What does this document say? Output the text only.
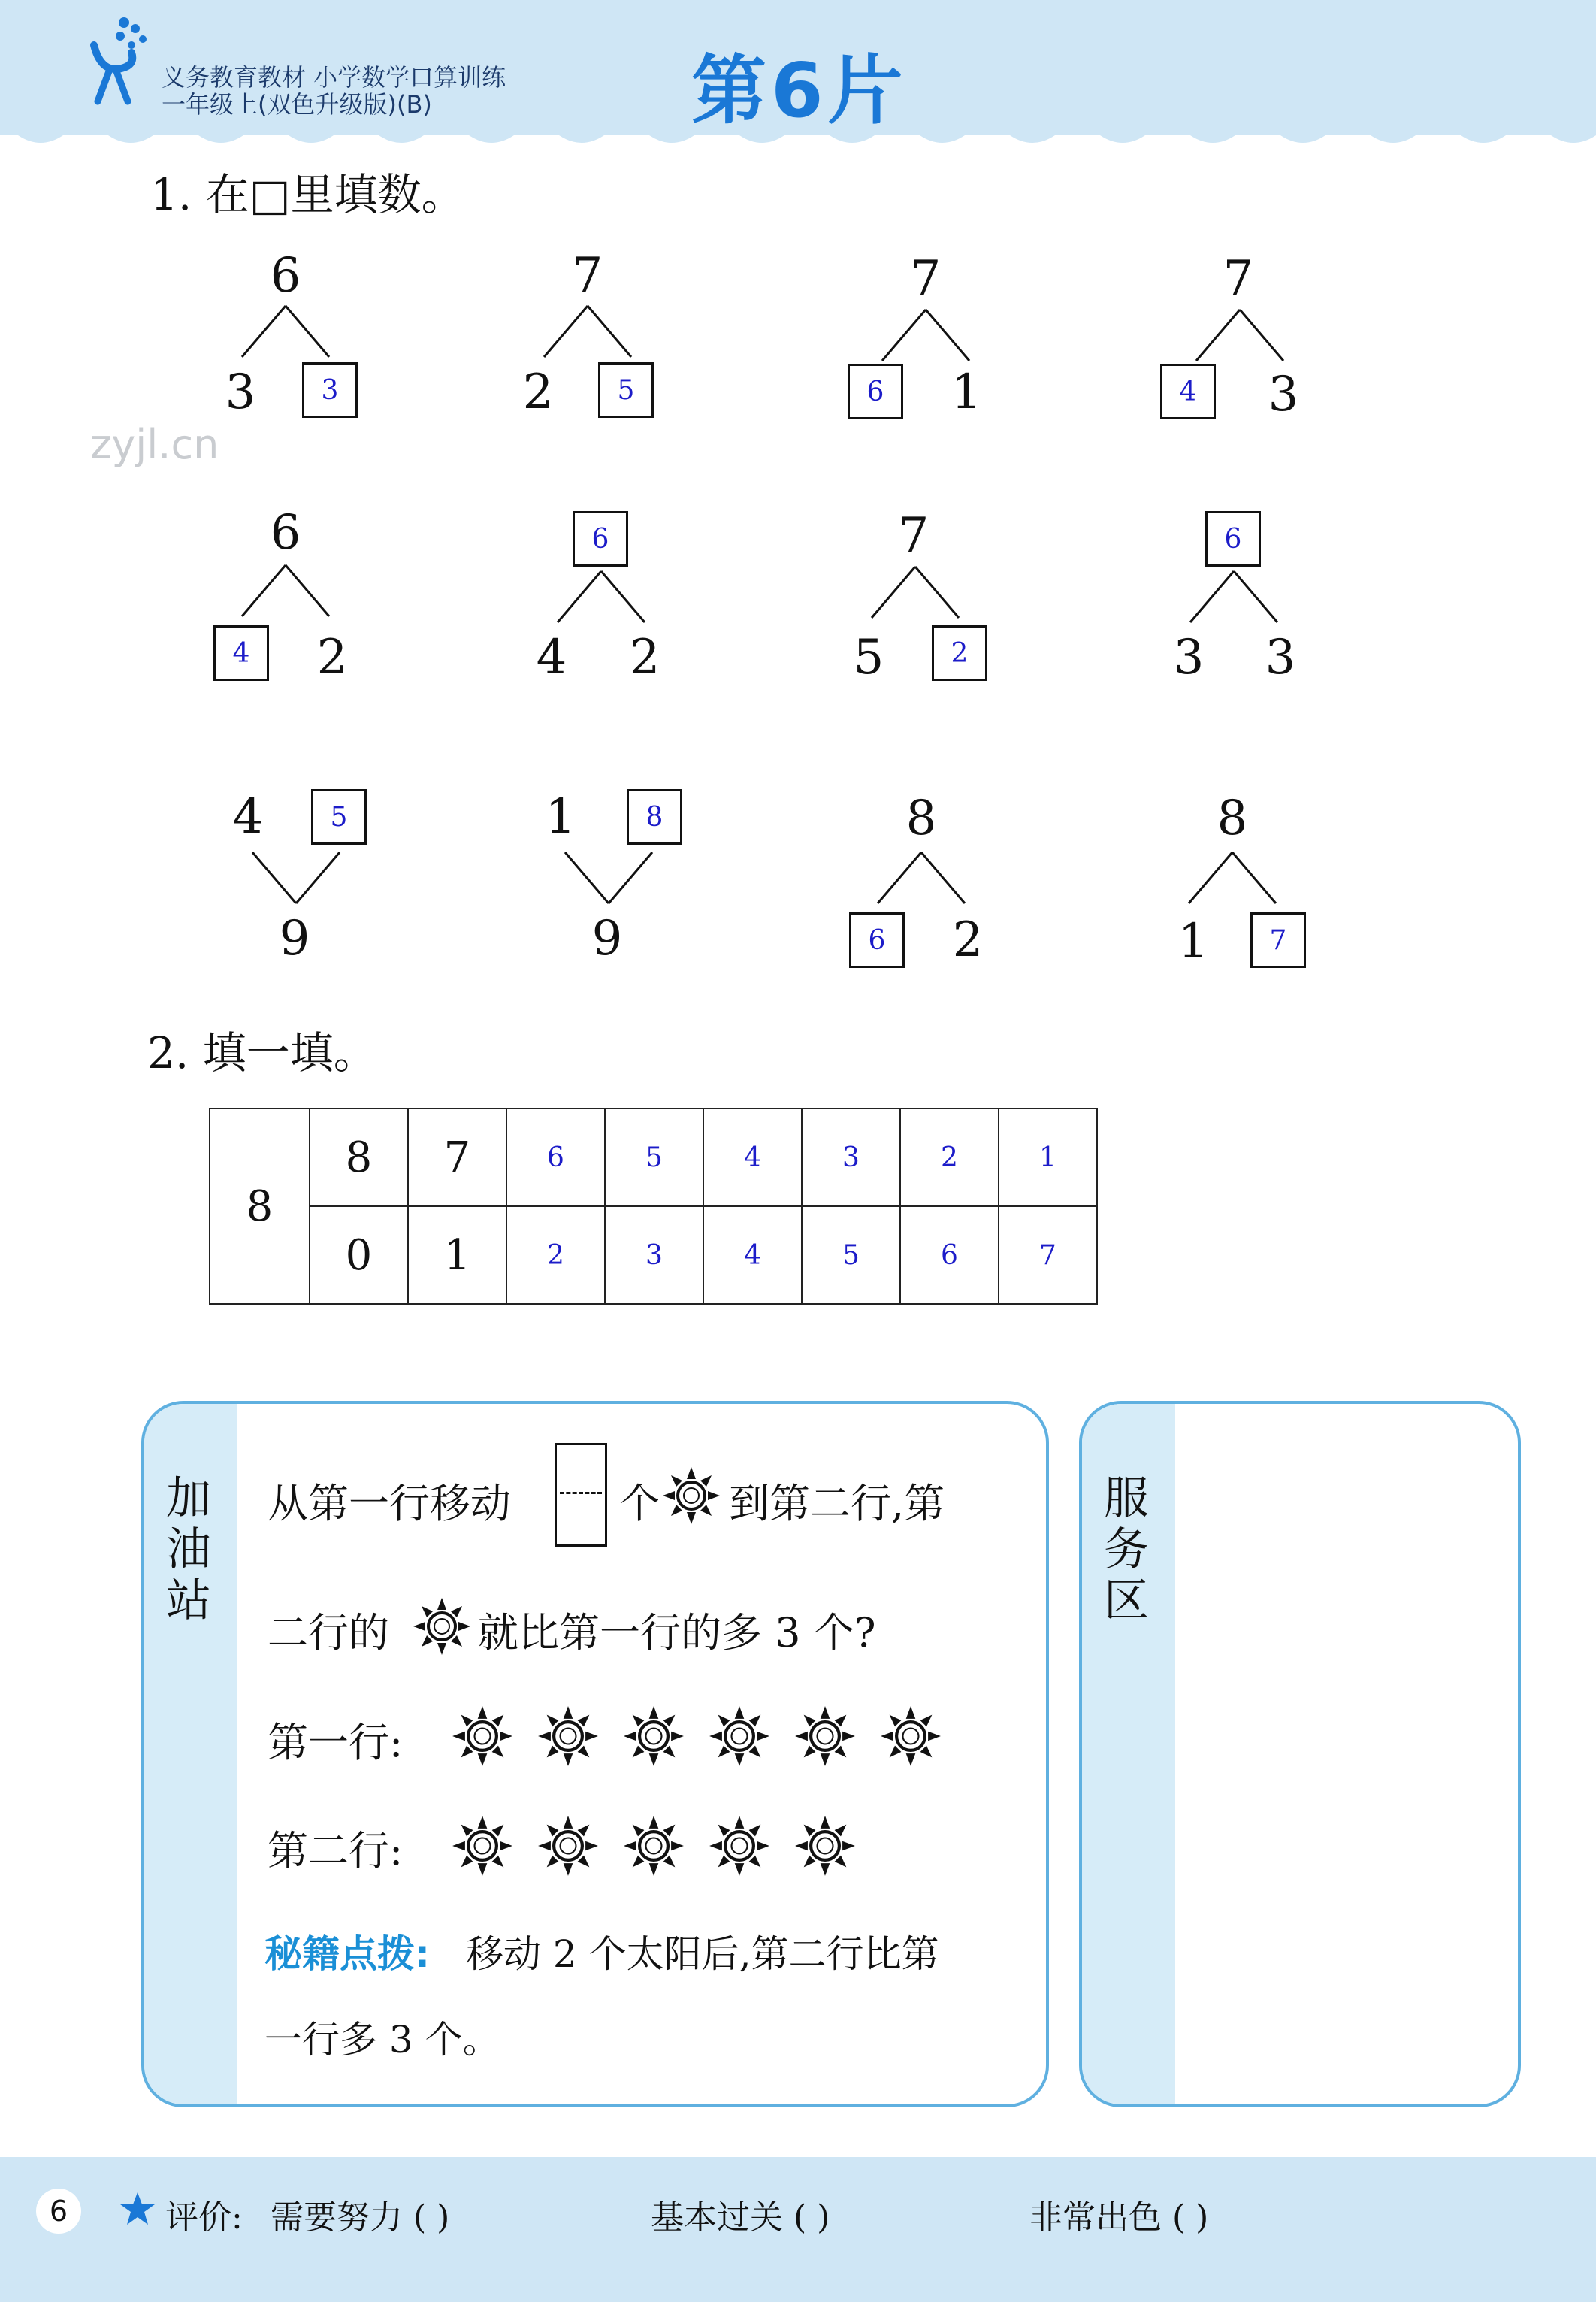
义务教育教材 小学数学口算训练
一年级上(双色升级版)(B)	第6片
zyjl.cn
1. 在□里填数。
6
3	3
7
2	5
7
6	1
7
4	3
6
4	2
6
4	2
7
5	2
6
3	3
4	5
9
1	8
9
8
6	2
8
1	7
2. 填一填。
8	8	7	6	5	4	3	2	1
	0	1	2	3	4	5	6	7
加油站
从第一行移动	个 到第二行,第
二行的 就比第一行的多 3 个?
第一行:
第二行:
秘籍点拨: 移动 2 个太阳后,第二行比第
一行多 3 个。
服务区
6	评价: 需要努力 ( )	基本过关 ( )	非常出色 ( )
